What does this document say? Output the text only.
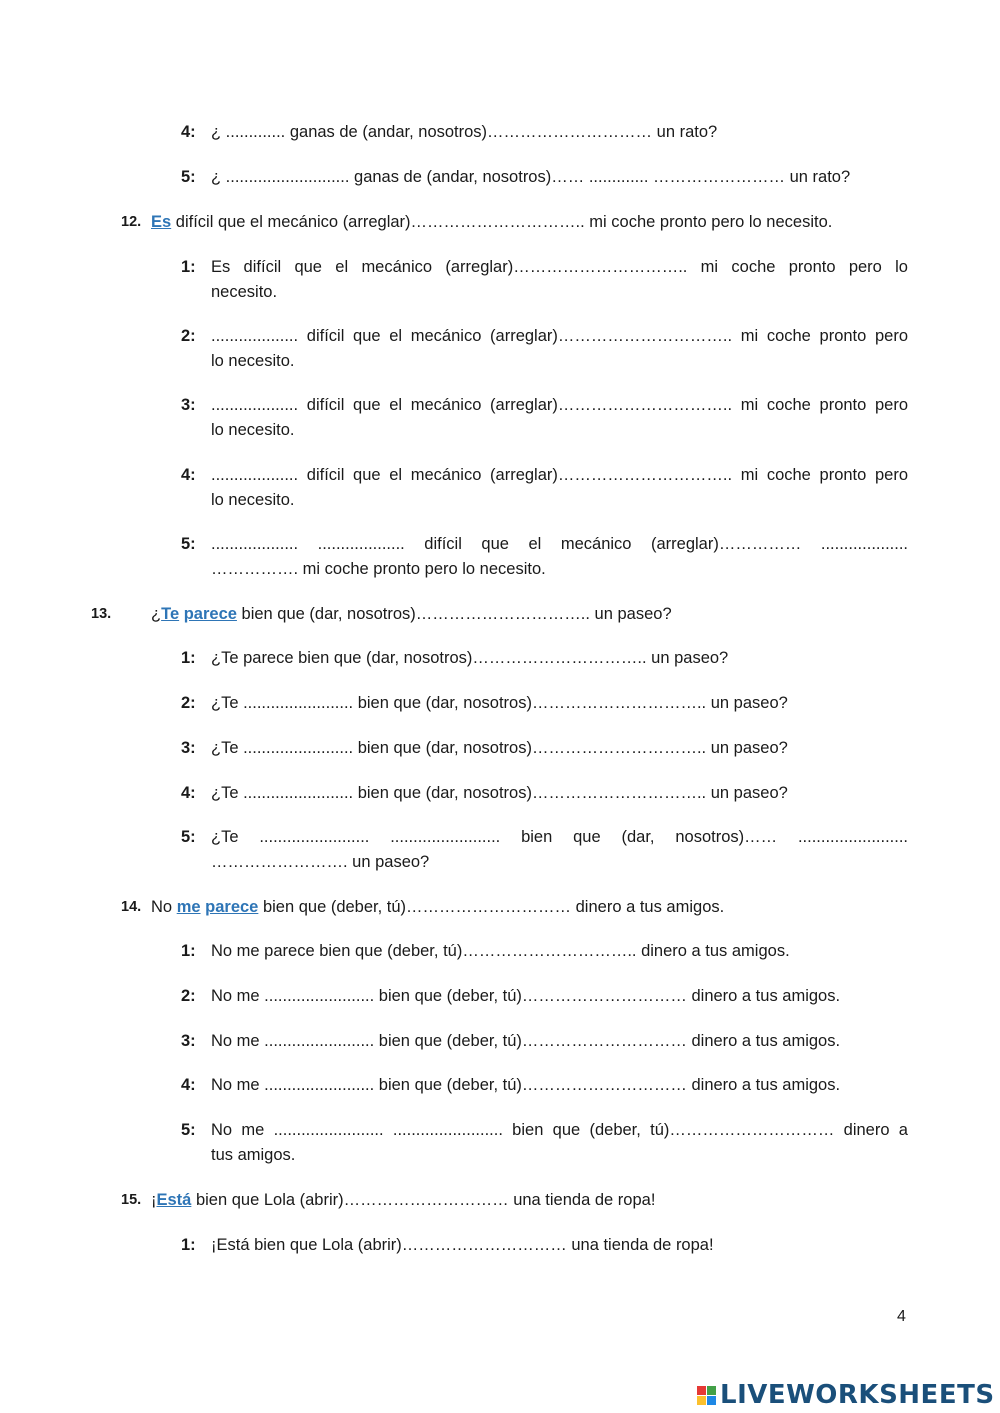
4: ¿ ............. ganas de (andar, nosotros)………………………… un rato?
5: ¿ ........................... ganas de (andar, nosotros)…… ............. …………………… un rato?
12. Es difícil que el mecánico (arreglar)………………………….. mi coche pronto pero lo necesito.
1: Es difícil que el mecánico (arreglar)………………………….. mi coche pronto pero lo
necesito.
2: ................... difícil que el mecánico (arreglar)………………………….. mi coche pronto pero
lo necesito.
3: ................... difícil que el mecánico (arreglar)………………………….. mi coche pronto pero
lo necesito.
4: ................... difícil que el mecánico (arreglar)………………………….. mi coche pronto pero
lo necesito.
5: ................... ................... difícil que el mecánico (arreglar)…………… ...................
……………. mi coche pronto pero lo necesito.
13. ¿Te parece bien que (dar, nosotros)………………………….. un paseo?
1: ¿Te parece bien que (dar, nosotros)………………………….. un paseo?
2: ¿Te ........................ bien que (dar, nosotros)………………………….. un paseo?
3: ¿Te ........................ bien que (dar, nosotros)………………………….. un paseo?
4: ¿Te ........................ bien que (dar, nosotros)………………………….. un paseo?
5: ¿Te ........................ ........................ bien que (dar, nosotros)…… ........................
……………………. un paseo?
14. No me parece bien que (deber, tú)………………………… dinero a tus amigos.
1: No me parece bien que (deber, tú)………………………….. dinero a tus amigos.
2: No me ........................ bien que (deber, tú)………………………… dinero a tus amigos.
3: No me ........................ bien que (deber, tú)………………………… dinero a tus amigos.
4: No me ........................ bien que (deber, tú)………………………… dinero a tus amigos.
5: No me ........................ ........................ bien que (deber, tú)………………………… dinero a
tus amigos.
15. ¡Está bien que Lola (abrir)………………………… una tienda de ropa!
1: ¡Está bien que Lola (abrir)………………………… una tienda de ropa!
4
LIVEWORKSHEETS
